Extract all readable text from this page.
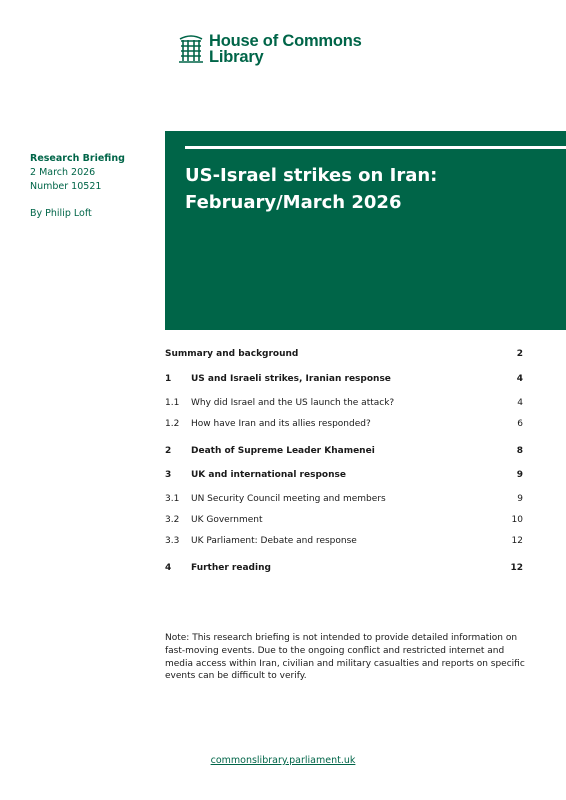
House of Commons
Library
Research Briefing
2 March 2026
Number 10521
By Philip Loft
US-Israel strikes on Iran: February/March 2026
Summary and background	2
1 US and Israeli strikes, Iranian response	4
1.1 Why did Israel and the US launch the attack?	4
1.2 How have Iran and its allies responded?	6
2 Death of Supreme Leader Khamenei	8
3 UK and international response	9
3.1 UN Security Council meeting and members	9
3.2 UK Government	10
3.3 UK Parliament: Debate and response	12
4 Further reading	12
Note: This research briefing is not intended to provide detailed information on fast-moving events. Due to the ongoing conflict and restricted internet and media access within Iran, civilian and military casualties and reports on specific events can be difficult to verify.
commonslibrary.parliament.uk
